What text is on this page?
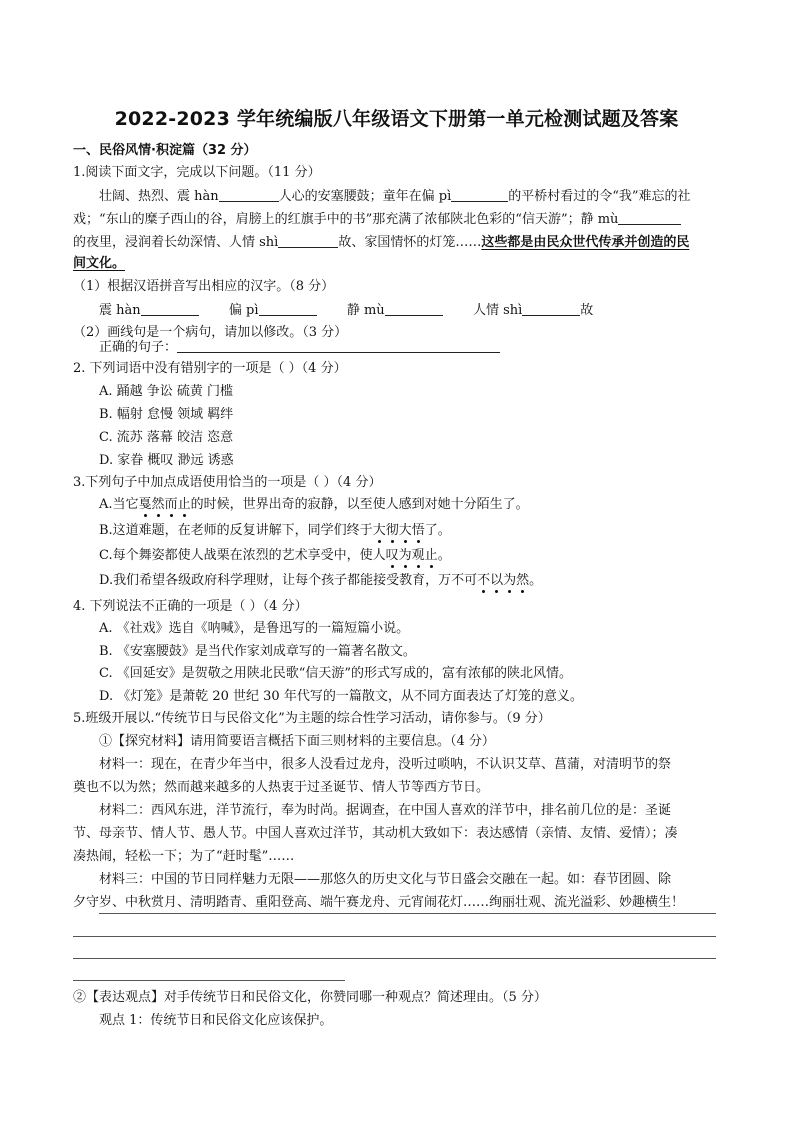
2022-2023 学年统编版八年级语文下册第一单元检测试题及答案
一、民俗风情·积淀篇（32 分）
1.阅读下面文字，完成以下问题。（11 分）
壮阔、热烈、震 hàn	人心的安塞腰鼓；童年在偏 pì	的平桥村看过的令“我”难忘的社
戏；“东山的糜子西山的谷，肩膀上的红旗手中的书”那充满了浓郁陕北色彩的“信天游”；静 mù
的夜里，浸润着长幼深情、人情 shì	故、家国情怀的灯笼……这些都是由民众世代传承并创造的民
间文化。
（1）根据汉语拼音写出相应的汉字。（8 分）
震 hàn	偏 pì	静 mù	人情 shì	故
（2）画线句是一个病句，请加以修改。（3 分）
正确的句子：
2. 下列词语中没有错别字的一项是（ ）（4 分）
A. 踊越 争讼 硫黄 门槛
B. 幅射 怠慢 领域 羁绊
C. 流苏 落幕 皎洁 恣意
D. 家眷 概叹 渺远 诱惑
3.下列句子中加点成语使用恰当的一项是（ ）（4 分）
A.当它戛然而止的时候，世界出奇的寂静，以至使人感到对她十分陌生了。
B.这道难题，在老师的反复讲解下，同学们终于大彻大悟了。
C.每个舞姿都使人战栗在浓烈的艺术享受中，使人叹为观止。
D.我们希望各级政府科学理财，让每个孩子都能接受教育，万不可不以为然。
4. 下列说法不正确的一项是（ ）（4 分）
A. 《社戏》选自《呐喊》，是鲁迅写的一篇短篇小说。
B. 《安塞腰鼓》是当代作家刘成章写的一篇著名散文。
C. 《回延安》是贺敬之用陕北民歌“信天游”的形式写成的，富有浓郁的陕北风情。
D. 《灯笼》是萧乾 20 世纪 30 年代写的一篇散文，从不同方面表达了灯笼的意义。
5.班级开展以.“传统节日与民俗文化”为主题的综合性学习活动，请你参与。（9 分）
①【探究材料】请用简要语言概括下面三则材料的主要信息。（4 分）
材料一：现在，在青少年当中，很多人没看过龙舟，没听过唢呐，不认识艾草、菖蒲，对清明节的祭
奠也不以为然；然而越来越多的人热衷于过圣诞节、情人节等西方节日。
材料二：西风东进，洋节流行，奉为时尚。据调查，在中国人喜欢的洋节中，排名前几位的是：圣诞
节、母亲节、情人节、愚人节。中国人喜欢过洋节，其动机大致如下：表达感情（亲情、友情、爱情）；凑
凑热闹，轻松一下；为了“赶时髦”……
材料三：中国的节日同样魅力无限——那悠久的历史文化与节日盛会交融在一起。如：春节团圆、除
夕守岁、中秋赏月、清明踏青、重阳登高、端午赛龙舟、元宵闹花灯……绚丽壮观、流光溢彩、妙趣横生！
②【表达观点】对手传统节日和民俗文化，你赞同哪一种观点？简述理由。（5 分）
观点 1：传统节日和民俗文化应该保护。
